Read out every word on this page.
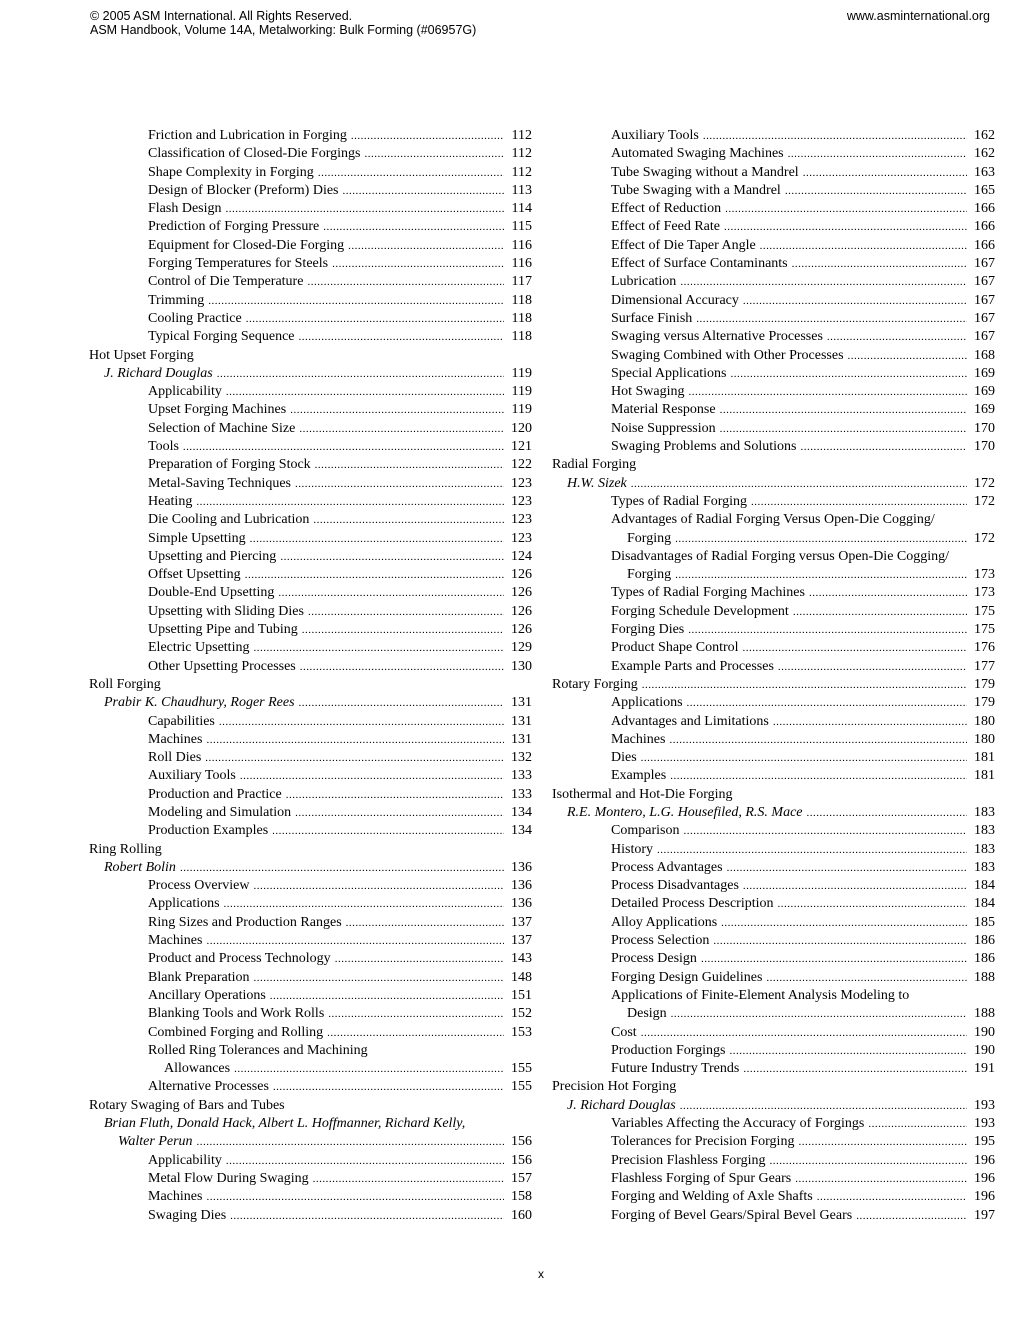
© 2005 ASM International. All Rights Reserved.
ASM Handbook, Volume 14A, Metalworking: Bulk Forming (#06957G)
www.asminternational.org
Friction and Lubrication in Forging .....	112
Classification of Closed-Die Forgings .....	112
Shape Complexity in Forging .....	112
Design of Blocker (Preform) Dies .....	113
Flash Design .....	114
Prediction of Forging Pressure .....	115
Equipment for Closed-Die Forging .....	116
Forging Temperatures for Steels .....	116
Control of Die Temperature .....	117
Trimming .....	118
Cooling Practice .....	118
Typical Forging Sequence .....	118
Hot Upset Forging
J. Richard Douglas .....	119
Applicability .....	119
Upset Forging Machines .....	119
Selection of Machine Size .....	120
Tools .....	121
Preparation of Forging Stock .....	122
Metal-Saving Techniques .....	123
Heating .....	123
Die Cooling and Lubrication .....	123
Simple Upsetting .....	123
Upsetting and Piercing .....	124
Offset Upsetting .....	126
Double-End Upsetting .....	126
Upsetting with Sliding Dies .....	126
Upsetting Pipe and Tubing .....	126
Electric Upsetting .....	129
Other Upsetting Processes .....	130
Roll Forging
Prabir K. Chaudhury, Roger Rees .....	131
Capabilities .....	131
Machines .....	131
Roll Dies .....	132
Auxiliary Tools .....	133
Production and Practice .....	133
Modeling and Simulation .....	134
Production Examples .....	134
Ring Rolling
Robert Bolin .....	136
Process Overview .....	136
Applications .....	136
Ring Sizes and Production Ranges .....	137
Machines .....	137
Product and Process Technology .....	143
Blank Preparation .....	148
Ancillary Operations .....	151
Blanking Tools and Work Rolls .....	152
Combined Forging and Rolling .....	153
Rolled Ring Tolerances and Machining
Allowances .....	155
Alternative Processes .....	155
Rotary Swaging of Bars and Tubes
Brian Fluth, Donald Hack, Albert L. Hoffmanner, Richard Kelly,
Walter Perun .....	156
Applicability .....	156
Metal Flow During Swaging .....	157
Machines .....	158
Swaging Dies .....	160
Auxiliary Tools .....	162
Automated Swaging Machines .....	162
Tube Swaging without a Mandrel .....	163
Tube Swaging with a Mandrel .....	165
Effect of Reduction .....	166
Effect of Feed Rate .....	166
Effect of Die Taper Angle .....	166
Effect of Surface Contaminants .....	167
Lubrication .....	167
Dimensional Accuracy .....	167
Surface Finish .....	167
Swaging versus Alternative Processes .....	167
Swaging Combined with Other Processes .....	168
Special Applications .....	169
Hot Swaging .....	169
Material Response .....	169
Noise Suppression .....	170
Swaging Problems and Solutions .....	170
Radial Forging
H.W. Sizek .....	172
Types of Radial Forging .....	172
Advantages of Radial Forging Versus Open-Die Cogging/
Forging .....	172
Disadvantages of Radial Forging versus Open-Die Cogging/
Forging .....	173
Types of Radial Forging Machines .....	173
Forging Schedule Development .....	175
Forging Dies .....	175
Product Shape Control .....	176
Example Parts and Processes .....	177
Rotary Forging .....	179
Applications .....	179
Advantages and Limitations .....	180
Machines .....	180
Dies .....	181
Examples .....	181
Isothermal and Hot-Die Forging
R.E. Montero, L.G. Housefiled, R.S. Mace .....	183
Comparison .....	183
History .....	183
Process Advantages .....	183
Process Disadvantages .....	184
Detailed Process Description .....	184
Alloy Applications .....	185
Process Selection .....	186
Process Design .....	186
Forging Design Guidelines .....	188
Applications of Finite-Element Analysis Modeling to
Design .....	188
Cost .....	190
Production Forgings .....	190
Future Industry Trends .....	191
Precision Hot Forging
J. Richard Douglas .....	193
Variables Affecting the Accuracy of Forgings .....	193
Tolerances for Precision Forging .....	195
Precision Flashless Forging .....	196
Flashless Forging of Spur Gears .....	196
Forging and Welding of Axle Shafts .....	196
Forging of Bevel Gears/Spiral Bevel Gears .....	197
x
